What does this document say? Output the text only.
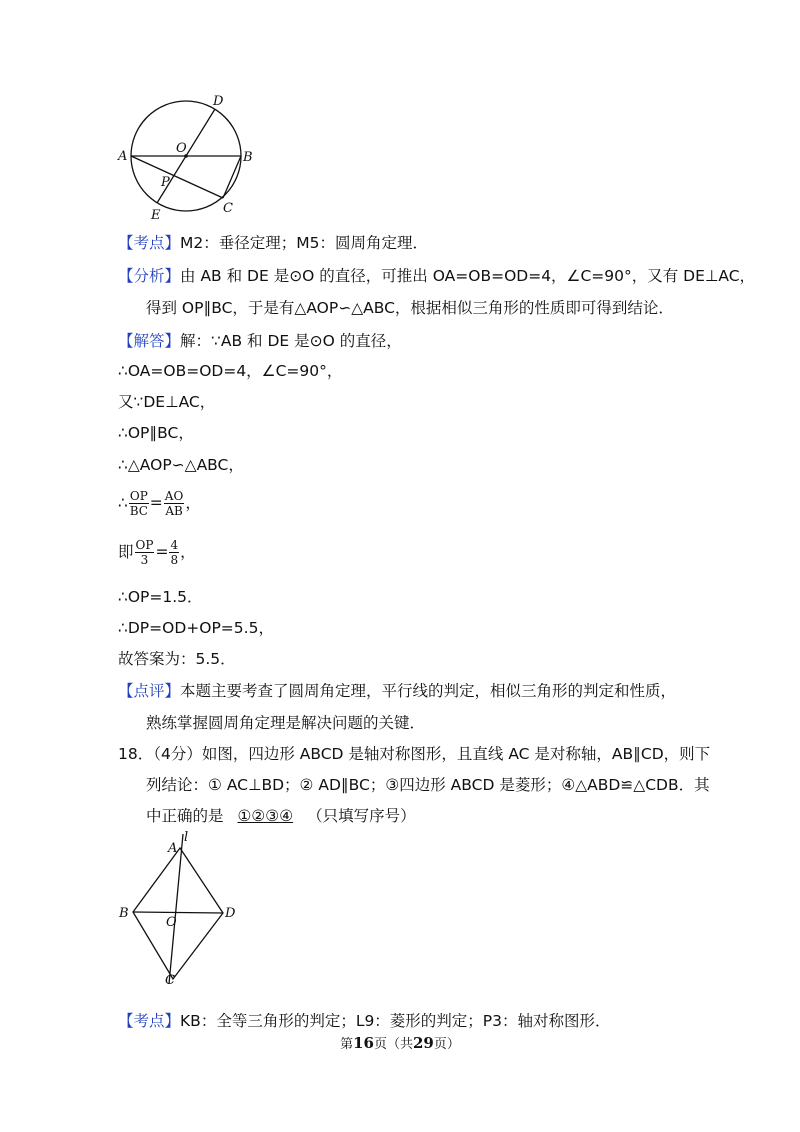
D
A
O
B
P
C
E
【考点】M2：垂径定理；M5：圆周角定理．
【分析】由 AB 和 DE 是⊙O 的直径，可推出 OA=OB=OD=4，∠C=90°，又有 DE⊥AC，
得到 OP∥BC，于是有△AOP∽△ABC，根据相似三角形的性质即可得到结论．
【解答】解：∵AB 和 DE 是⊙O 的直径，
∴OA=OB=OD=4，∠C=90°，
又∵DE⊥AC，
∴OP∥BC，
∴△AOP∽△ABC，
∴ $\frac{OP}{BC} = \frac{AO}{AB}$ ，
即 $\frac{OP}{3} = \frac{4}{8}$ ，
∴OP=1.5．
∴DP=OD+OP=5.5，
故答案为：5.5．
【点评】本题主要考查了圆周角定理，平行线的判定，相似三角形的判定和性质，
熟练掌握圆周角定理是解决问题的关键．
18．（4分）如图，四边形 ABCD 是轴对称图形，且直线 AC 是对称轴，AB∥CD，则下
列结论：① AC⊥BD；② AD∥BC；③四边形 ABCD 是菱形；④△ABD≌△CDB．其
中正确的是 ①②③④ （只填写序号）
l
A
B
O
D
C
【考点】KB：全等三角形的判定；L9：菱形的判定；P3：轴对称图形．
第16页（共29页）
